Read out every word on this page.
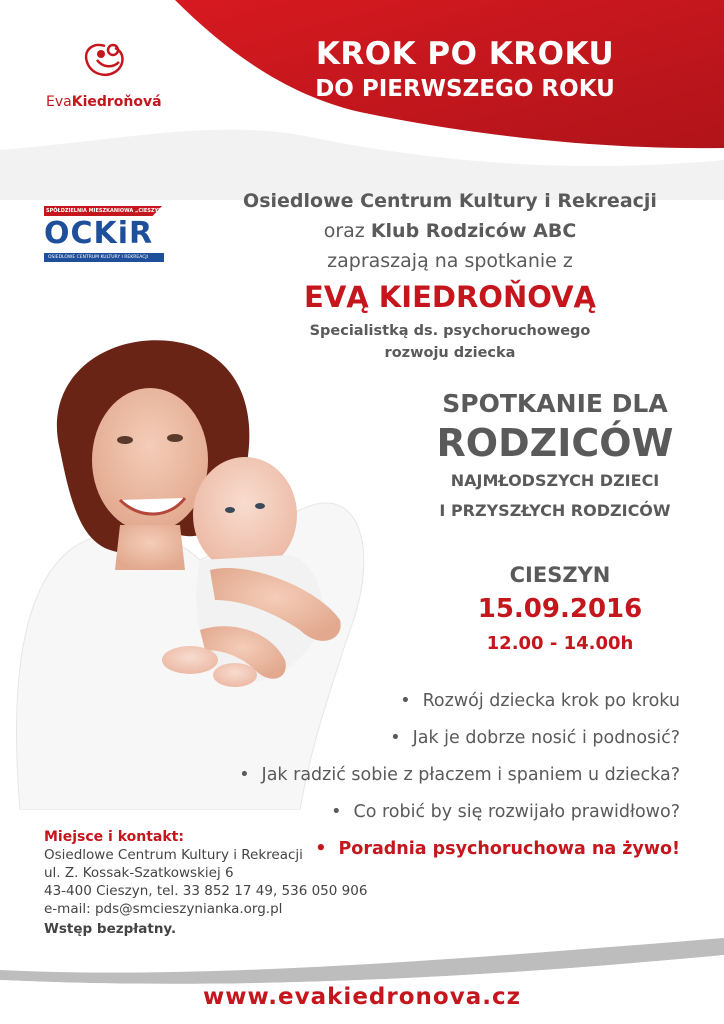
EvaKiedroňová
KROK PO KROKU
DO PIERWSZEGO ROKU
SPÓŁDZIELNIA MIESZKANIOWA „CIESZYNIANKA”
OCKiR
OSIEDLOWE CENTRUM KULTURY I REKREACJI
Osiedlowe Centrum Kultury i Rekreacji
oraz Klub Rodziców ABC
zapraszają na spotkanie z
EVĄ KIEDROŇOVĄ
Specialistką ds. psychoruchowego
rozwoju dziecka
SPOTKANIE DLA
RODZICÓW
NAJMŁODSZYCH DZIECI
I PRZYSZŁYCH RODZICÓW
CIESZYN
15.09.2016
12.00 - 14.00h
• Rozwój dziecka krok po kroku
• Jak je dobrze nosić i podnosić?
• Jak radzić sobie z płaczem i spaniem u dziecka?
• Co robić by się rozwijało prawidłowo?
• Poradnia psychoruchowa na żywo!
Miejsce i kontakt:
Osiedlowe Centrum Kultury i Rekreacji
ul. Z. Kossak-Szatkowskiej 6
43-400 Cieszyn, tel. 33 852 17 49, 536 050 906
e-mail: pds@smcieszynianka.org.pl
Wstęp bezpłatny.
www.evakiedronova.cz
